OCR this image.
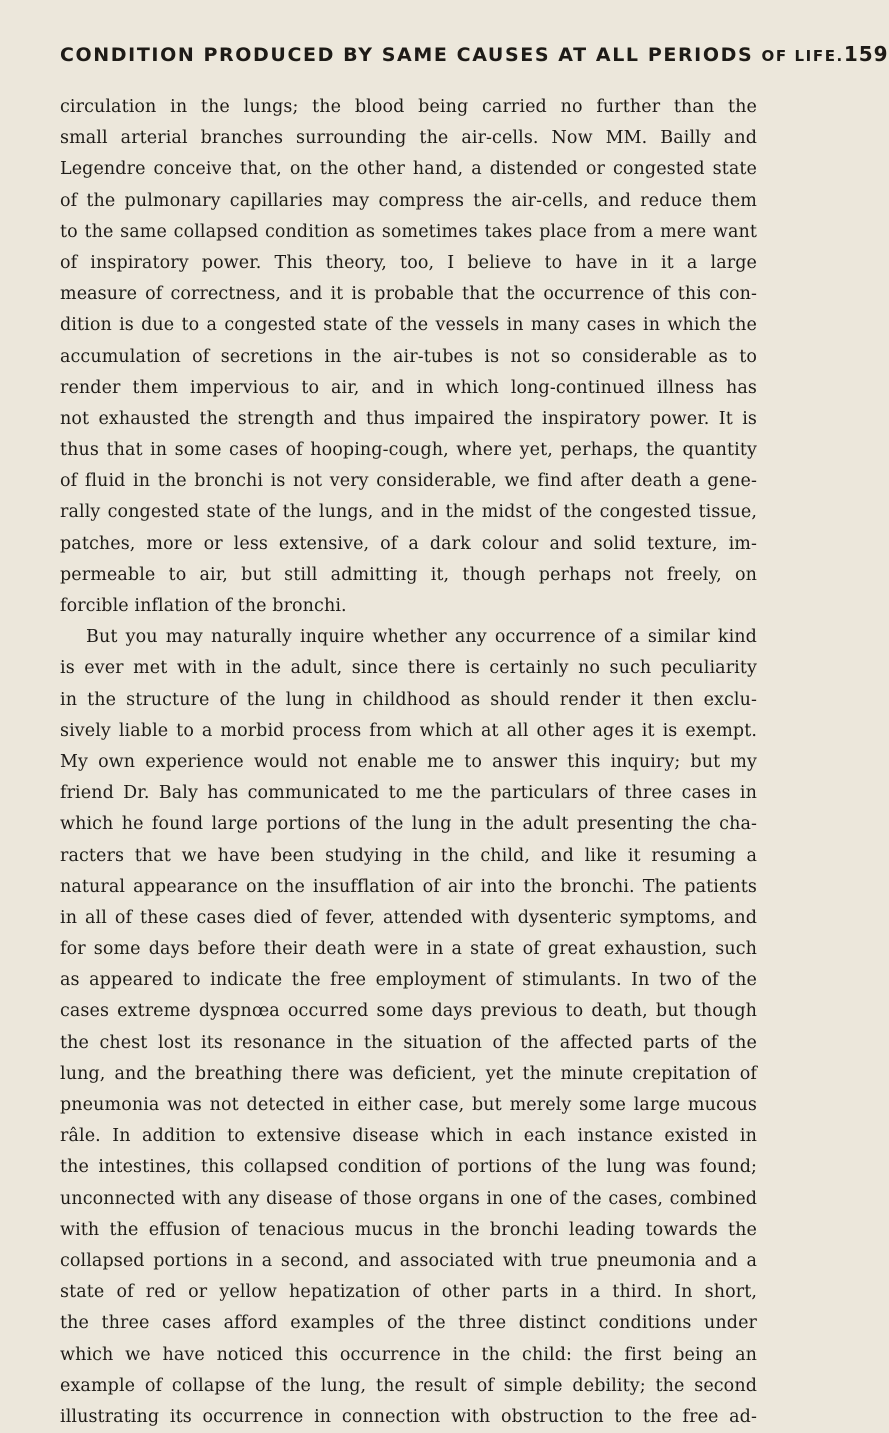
CONDITION PRODUCED BY SAME CAUSES AT ALL PERIODS OF LIFE. 159
circulation in the lungs; the blood being carried no further than the
small arterial branches surrounding the air-cells. Now MM. Bailly and
Legendre conceive that, on the other hand, a distended or congested state
of the pulmonary capillaries may compress the air-cells, and reduce them
to the same collapsed condition as sometimes takes place from a mere want
of inspiratory power. This theory, too, I believe to have in it a large
measure of correctness, and it is probable that the occurrence of this con-
dition is due to a congested state of the vessels in many cases in which the
accumulation of secretions in the air-tubes is not so considerable as to
render them impervious to air, and in which long-continued illness has
not exhausted the strength and thus impaired the inspiratory power. It is
thus that in some cases of hooping-cough, where yet, perhaps, the quantity
of fluid in the bronchi is not very considerable, we find after death a gene-
rally congested state of the lungs, and in the midst of the congested tissue,
patches, more or less extensive, of a dark colour and solid texture, im-
permeable to air, but still admitting it, though perhaps not freely, on
forcible inflation of the bronchi.
But you may naturally inquire whether any occurrence of a similar kind
is ever met with in the adult, since there is certainly no such peculiarity
in the structure of the lung in childhood as should render it then exclu-
sively liable to a morbid process from which at all other ages it is exempt.
My own experience would not enable me to answer this inquiry; but my
friend Dr. Baly has communicated to me the particulars of three cases in
which he found large portions of the lung in the adult presenting the cha-
racters that we have been studying in the child, and like it resuming a
natural appearance on the insufflation of air into the bronchi. The patients
in all of these cases died of fever, attended with dysenteric symptoms, and
for some days before their death were in a state of great exhaustion, such
as appeared to indicate the free employment of stimulants. In two of the
cases extreme dyspnœa occurred some days previous to death, but though
the chest lost its resonance in the situation of the affected parts of the
lung, and the breathing there was deficient, yet the minute crepitation of
pneumonia was not detected in either case, but merely some large mucous
râle. In addition to extensive disease which in each instance existed in
the intestines, this collapsed condition of portions of the lung was found;
unconnected with any disease of those organs in one of the cases, combined
with the effusion of tenacious mucus in the bronchi leading towards the
collapsed portions in a second, and associated with true pneumonia and a
state of red or yellow hepatization of other parts in a third. In short,
the three cases afford examples of the three distinct conditions under
which we have noticed this occurrence in the child: the first being an
example of collapse of the lung, the result of simple debility; the second
illustrating its occurrence in connection with obstruction to the free ad-
